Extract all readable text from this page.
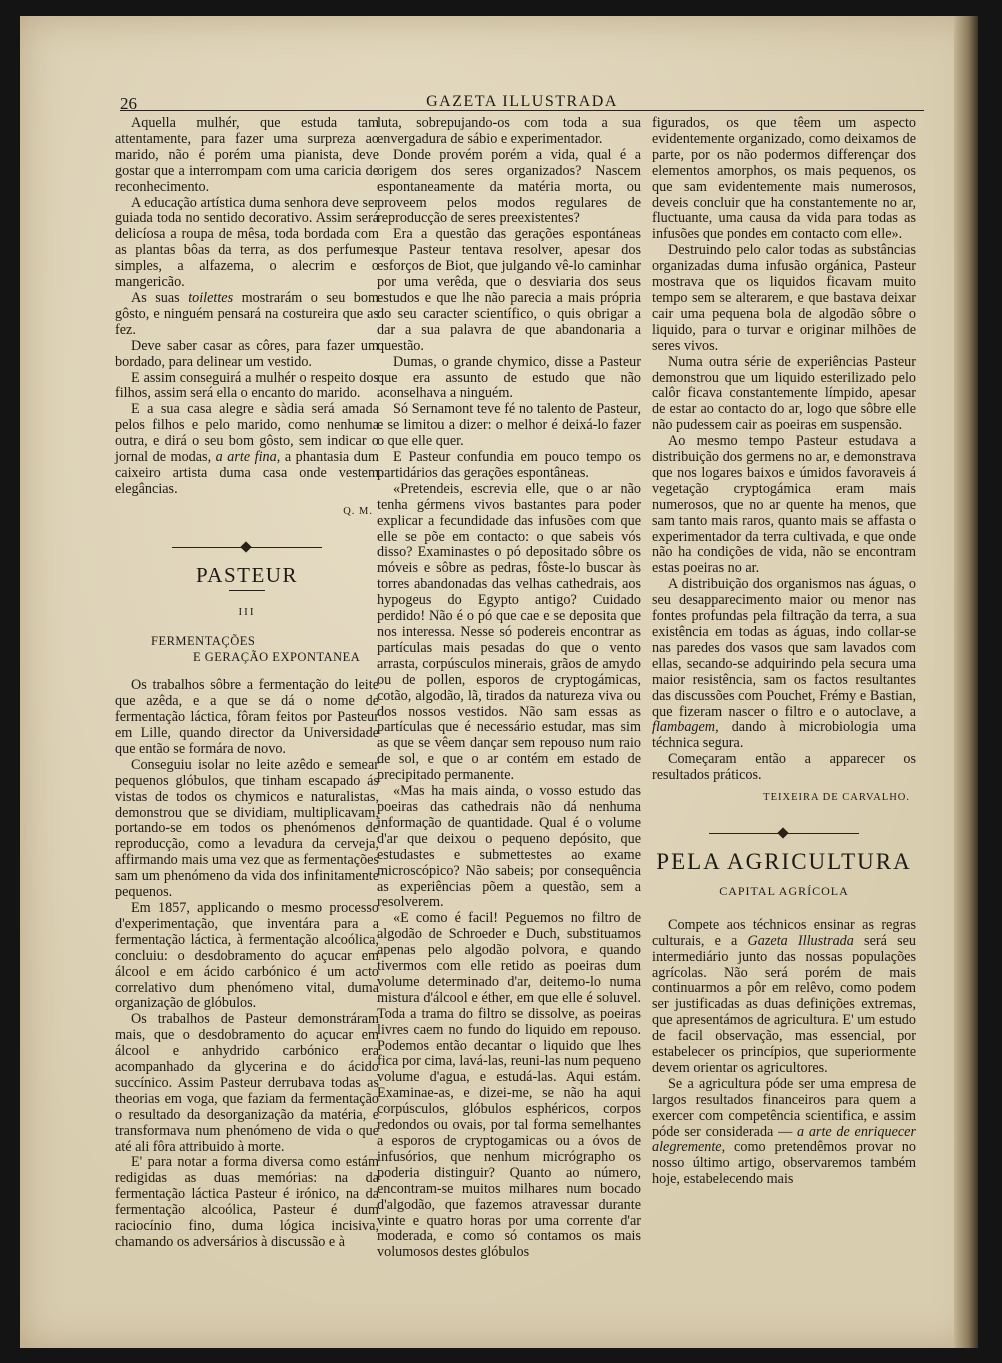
26	GAZETA ILLUSTRADA

Aquella mulhér, que estuda tam attentamente, para fazer uma surpreza ao marido, não é porém uma pianista, deve gostar que a interrompam com uma caricia de reconhecimento.

A educação artística duma senhora deve ser guiada toda no sentido decorativo. Assim será delicíosa a roupa de mêsa, toda bordada com as plantas bôas da terra, as dos perfumes simples, a alfazema, o alecrim e o mangericão.

As suas toilettes mostrarám o seu bom gôsto, e ninguém pensará na costureira que as fez.

Deve saber casar as côres, para fazer um bordado, para delinear um vestido.

E assim conseguirá a mulhér o respeito dos filhos, assim será ella o encanto do marido.

E a sua casa alegre e sàdia será amada pelos filhos e pelo marido, como nenhuma outra, e dirá o seu bom gôsto, sem indicar o jornal de modas, a arte fina, a phantasia dum caixeiro artista duma casa onde vestem elegâncias.

Q. M.

PASTEUR
III
FERMENTAÇÕES
E GERAÇÃO EXPONTANEA

Os trabalhos sôbre a fermentação do leite que azêda, e a que se dá o nome de fermentação láctica, fôram feitos por Pasteur em Lille, quando director da Universidade que então se formára de novo.

Conseguiu isolar no leite azêdo e semear pequenos glóbulos, que tinham escapado ás vistas de todos os chymicos e naturalistas, demonstrou que se dividiam, multiplicavam, portando-se em todos os phenómenos de reproducção, como a levadura da cerveja, affirmando mais uma vez que as fermentações sam um phenómeno da vida dos infinitamente pequenos.

Em 1857, applicando o mesmo processo d'experimentação, que inventára para a fermentação láctica, à fermentação alcoólica, concluiu: o desdobramento do açucar em álcool e em ácido carbónico é um acto correlativo dum phenómeno vital, duma organização de glóbulos.

Os trabalhos de Pasteur demonstráram mais, que o desdobramento do açucar em álcool e anhydrido carbónico era acompanhado da glycerina e do ácido succínico. Assim Pasteur derrubava todas as theorias em voga, que faziam da fermentação o resultado da desorganização da matéria, e transformava num phenómeno de vida o que até ali fôra attribuido à morte.

E' para notar a forma diversa como estám redigidas as duas memórias: na da fermentação láctica Pasteur é irónico, na da fermentação alcoólica, Pasteur é dum raciocínio fino, duma lógica incisiva, chamando os adversários à discussão e à

luta, sobrepujando-os com toda a sua envergadura de sábio e experimentador.

Donde provém porém a vida, qual é a origem dos seres organizados? Nascem espontaneamente da matéria morta, ou proveem pelos modos regulares de reproducção de seres preexistentes?

Era a questão das gerações espontáneas que Pasteur tentava resolver, apesar dos esforços de Biot, que julgando vê-lo caminhar por uma verêda, que o desviaria dos seus estudos e que lhe não parecia a mais própria do seu caracter scientífico, o quis obrigar a dar a sua palavra de que abandonaria a questão.

Dumas, o grande chymico, disse a Pasteur que era assunto de estudo que não aconselhava a ninguém.

Só Sernamont teve fé no talento de Pasteur, e se limitou a dizer: o melhor é deixá-lo fazer o que elle quer.

E Pasteur confundia em pouco tempo os partidários das gerações espontâneas.

«Pretendeis, escrevia elle, que o ar não tenha gérmens vivos bastantes para poder explicar a fecundidade das infusões com que elle se põe em contacto: o que sabeis vós disso? Examinastes o pó depositado sôbre os móveis e sôbre as pedras, fôste-lo buscar às torres abandonadas das velhas cathedrais, aos hypogeus do Egypto antigo? Cuidado perdido! Não é o pó que cae e se deposita que nos interessa. Nesse só podereis encontrar as partículas mais pesadas do que o vento arrasta, corpúsculos minerais, grãos de amydo ou de pollen, esporos de cryptogámicas, cotão, algodão, lã, tirados da natureza viva ou dos nossos vestidos. Não sam essas as partículas que é necessário estudar, mas sim as que se vêem dançar sem repouso num raio de sol, e que o ar contém em estado de precipitado permanente.

«Mas ha mais ainda, o vosso estudo das poeiras das cathedrais não dá nenhuma informação de quantidade. Qual é o volume d'ar que deixou o pequeno depósito, que estudastes e submettestes ao exame microscópico? Não sabeis; por consequência as experiências põem a questão, sem a resolverem.

«E como é facil! Peguemos no filtro de algodão de Schroeder e Duch, substituamos apenas pelo algodão polvora, e quando tivermos com elle retido as poeiras dum volume determinado d'ar, deitemo-lo numa mistura d'álcool e éther, em que elle é soluvel. Toda a trama do filtro se dissolve, as poeiras livres caem no fundo do liquido em repouso. Podemos então decantar o liquido que lhes fica por cima, lavá-las, reuni-las num pequeno volume d'agua, e estudá-las. Aqui estám. Examinae-as, e dizei-me, se não ha aqui corpúsculos, glóbulos esphéricos, corpos redondos ou ovais, por tal forma semelhantes a esporos de cryptogamicas ou a óvos de infusórios, que nenhum micrógrapho os poderia distinguir? Quanto ao número, encontram-se muitos milhares num bocado d'algodão, que fazemos atravessar durante vinte e quatro horas por uma corrente d'ar moderada, e como só contamos os mais volumosos destes glóbulos

figurados, os que têem um aspecto evidentemente organizado, como deixamos de parte, por os não podermos differençar dos elementos amorphos, os mais pequenos, os que sam evidentemente mais numerosos, deveis concluir que ha constantemente no ar, fluctuante, uma causa da vida para todas as infusões que pondes em contacto com elle».

Destruindo pelo calor todas as substâncias organizadas duma infusão orgánica, Pasteur mostrava que os liquidos ficavam muito tempo sem se alterarem, e que bastava deixar cair uma pequena bola de algodão sôbre o liquido, para o turvar e originar milhões de seres vivos.

Numa outra série de experiências Pasteur demonstrou que um liquido esterilizado pelo calôr ficava constantemente límpido, apesar de estar ao contacto do ar, logo que sôbre elle não pudessem cair as poeiras em suspensão.

Ao mesmo tempo Pasteur estudava a distribuição dos germens no ar, e demonstrava que nos logares baixos e úmidos favoraveis á vegetação cryptogámica eram mais numerosos, que no ar quente ha menos, que sam tanto mais raros, quanto mais se affasta o experimentador da terra cultivada, e que onde não ha condições de vida, não se encontram estas poeiras no ar.

A distribuição dos organismos nas águas, o seu desapparecimento maior ou menor nas fontes profundas pela filtração da terra, a sua existência em todas as águas, indo collar-se nas paredes dos vasos que sam lavados com ellas, secando-se adquirindo pela secura uma maior resistência, sam os factos resultantes das discussões com Pouchet, Frémy e Bastian, que fizeram nascer o filtro e o autoclave, a flambagem, dando à microbiologia uma téchnica segura.

Começaram então a apparecer os resultados práticos.

TEIXEIRA DE CARVALHO.

PELA AGRICULTURA
CAPITAL AGRÍCOLA

Compete aos téchnicos ensinar as regras culturais, e a Gazeta Illustrada será seu intermediário junto das nossas populações agrícolas. Não será porém de mais continuarmos a pôr em relêvo, como podem ser justificadas as duas definições extremas, que apresentámos de agricultura. E' um estudo de facil observação, mas essencial, por estabelecer os princípios, que superiormente devem orientar os agricultores.

Se a agricultura póde ser uma empresa de largos resultados financeiros para quem a exercer com competência scientifica, e assim póde ser considerada — a arte de enriquecer alegremente, como pretendêmos provar no nosso último artigo, observaremos também hoje, estabelecendo mais
